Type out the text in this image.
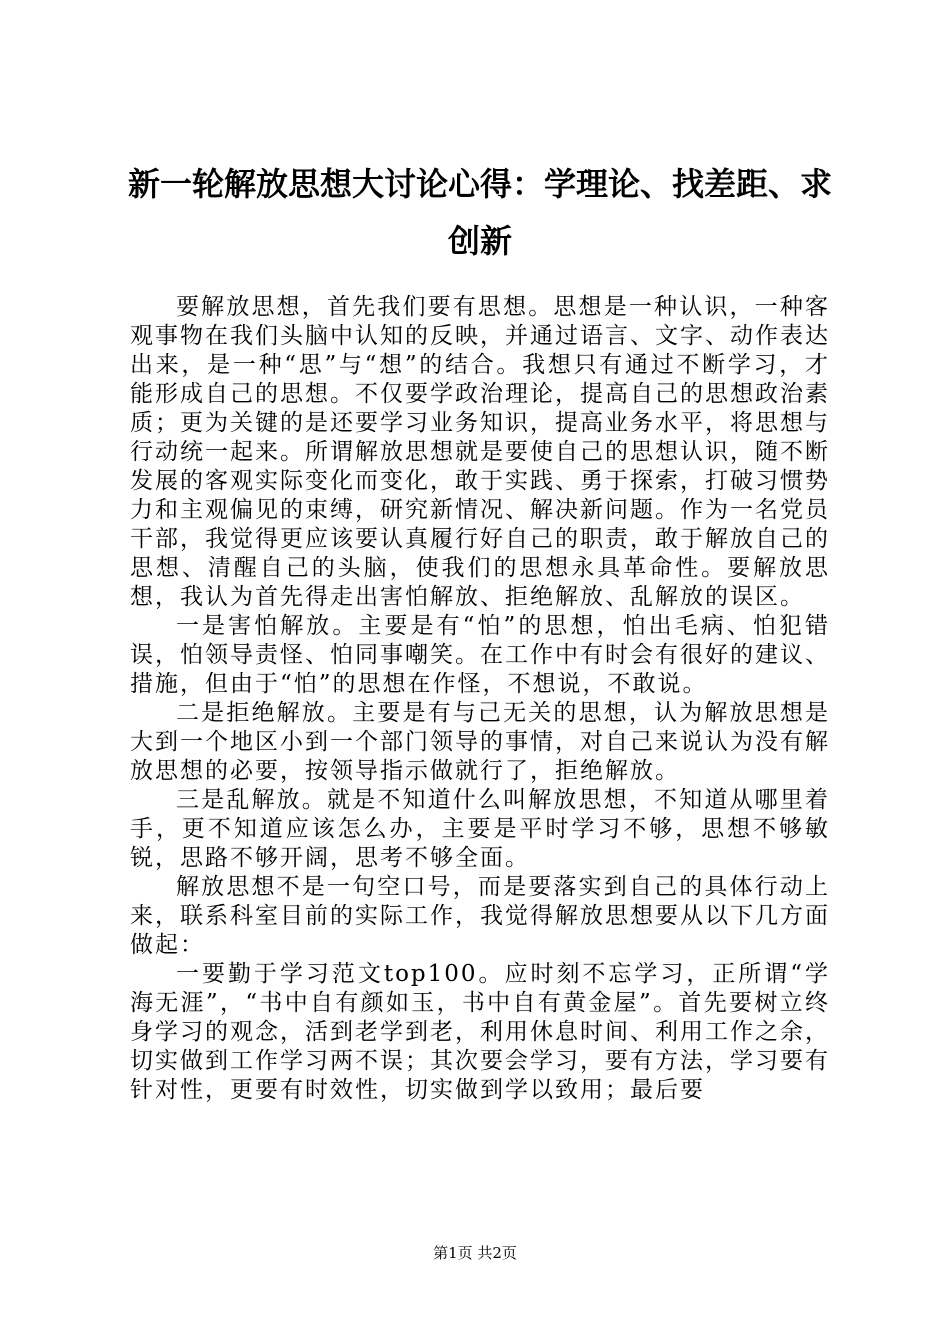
新一轮解放思想大讨论心得：学理论、找差距、求创新

要解放思想，首先我们要有思想。思想是一种认识，一种客观事物在我们头脑中认知的反映，并通过语言、文字、动作表达出来，是一种“思”与“想”的结合。我想只有通过不断学习，才能形成自己的思想。不仅要学政治理论，提高自己的思想政治素质；更为关键的是还要学习业务知识，提高业务水平，将思想与行动统一起来。所谓解放思想就是要使自己的思想认识，随不断发展的客观实际变化而变化，敢于实践、勇于探索，打破习惯势力和主观偏见的束缚，研究新情况、解决新问题。作为一名党员干部，我觉得更应该要认真履行好自己的职责，敢于解放自己的思想、清醒自己的头脑，使我们的思想永具革命性。要解放思想，我认为首先得走出害怕解放、拒绝解放、乱解放的误区。

一是害怕解放。主要是有“怕”的思想，怕出毛病、怕犯错误，怕领导责怪、怕同事嘲笑。在工作中有时会有很好的建议、措施，但由于“怕”的思想在作怪，不想说，不敢说。

二是拒绝解放。主要是有与己无关的思想，认为解放思想是大到一个地区小到一个部门领导的事情，对自己来说认为没有解放思想的必要，按领导指示做就行了，拒绝解放。

三是乱解放。就是不知道什么叫解放思想，不知道从哪里着手，更不知道应该怎么办，主要是平时学习不够，思想不够敏锐，思路不够开阔，思考不够全面。

解放思想不是一句空口号，而是要落实到自己的具体行动上来，联系科室目前的实际工作，我觉得解放思想要从以下几方面做起：

一要勤于学习范文top100。应时刻不忘学习，正所谓“学海无涯”，“书中自有颜如玉，书中自有黄金屋”。首先要树立终身学习的观念，活到老学到老，利用休息时间、利用工作之余，切实做到工作学习两不误；其次要会学习，要有方法，学习要有针对性，更要有时效性，切实做到学以致用；最后要

第1页 共2页
